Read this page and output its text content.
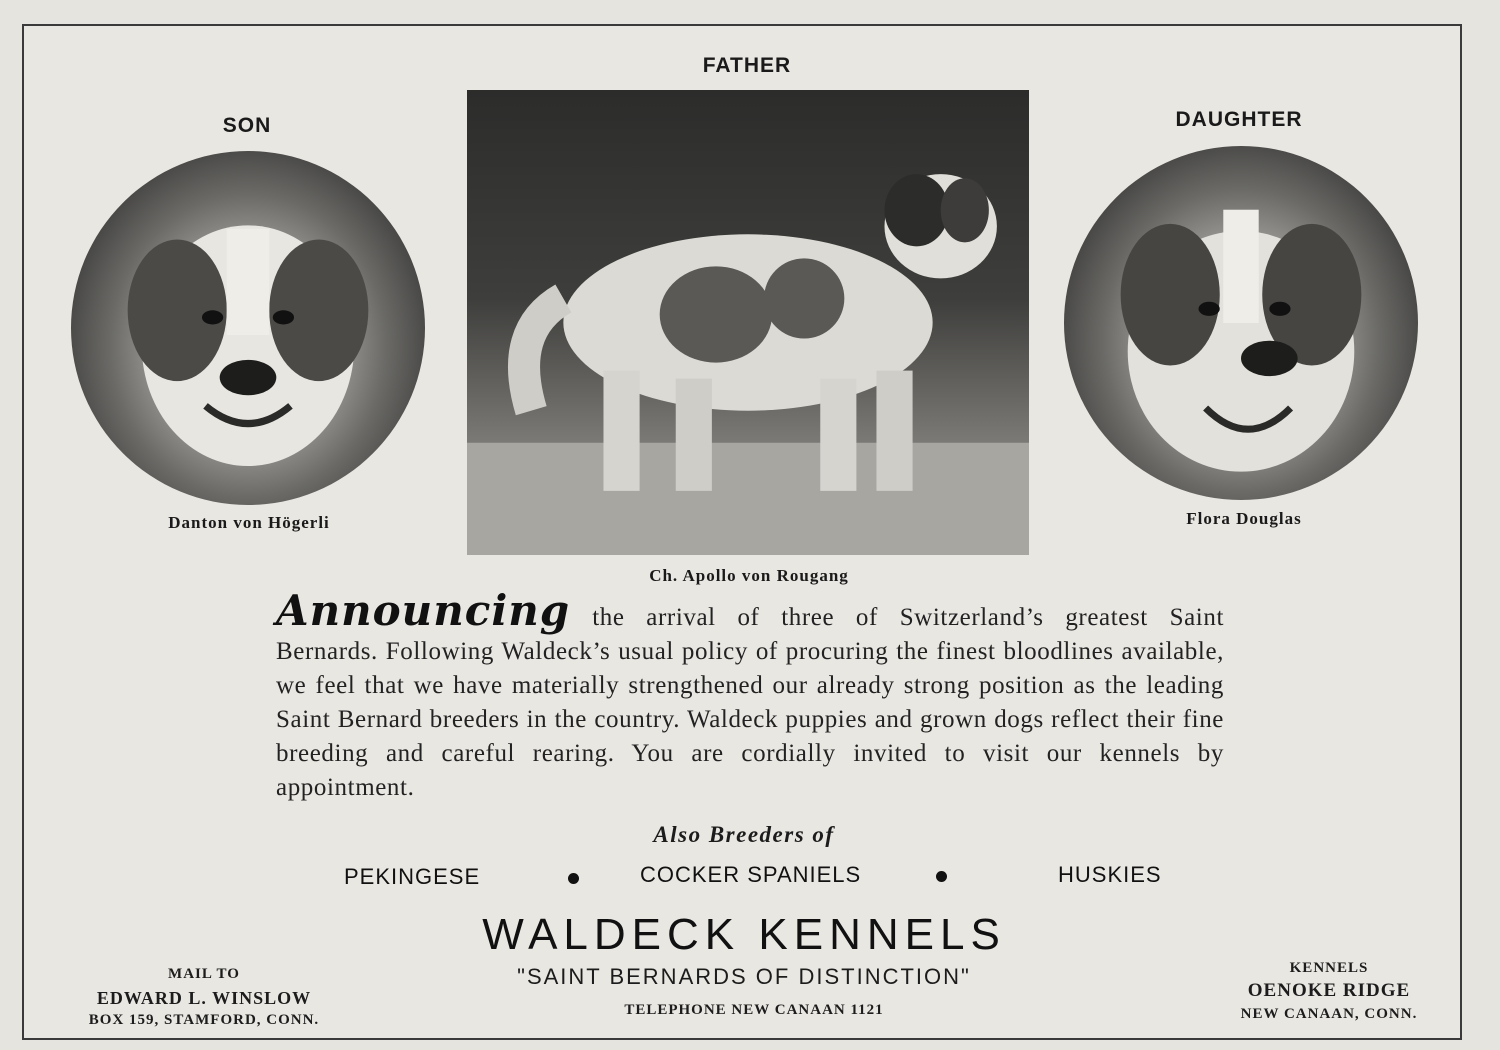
SON
Danton von Högerli
FATHER
Ch. Apollo von Rougang
DAUGHTER
Flora Douglas
Announcing the arrival of three of Switzerland’s greatest Saint Bernards. Following Waldeck’s usual policy of procuring the finest bloodlines available, we feel that we have materially strengthened our already strong position as the leading Saint Bernard breeders in the country. Waldeck puppies and grown dogs reflect their fine breeding and careful rearing. You are cordially invited to visit our kennels by appointment.
Also Breeders of
PEKINGESE	COCKER SPANIELS	HUSKIES
WALDECK KENNELS
"SAINT BERNARDS OF DISTINCTION"
TELEPHONE NEW CANAAN 1121
MAIL TO
EDWARD L. WINSLOW
BOX 159, STAMFORD, CONN.
KENNELS
OENOKE RIDGE
NEW CANAAN, CONN.
